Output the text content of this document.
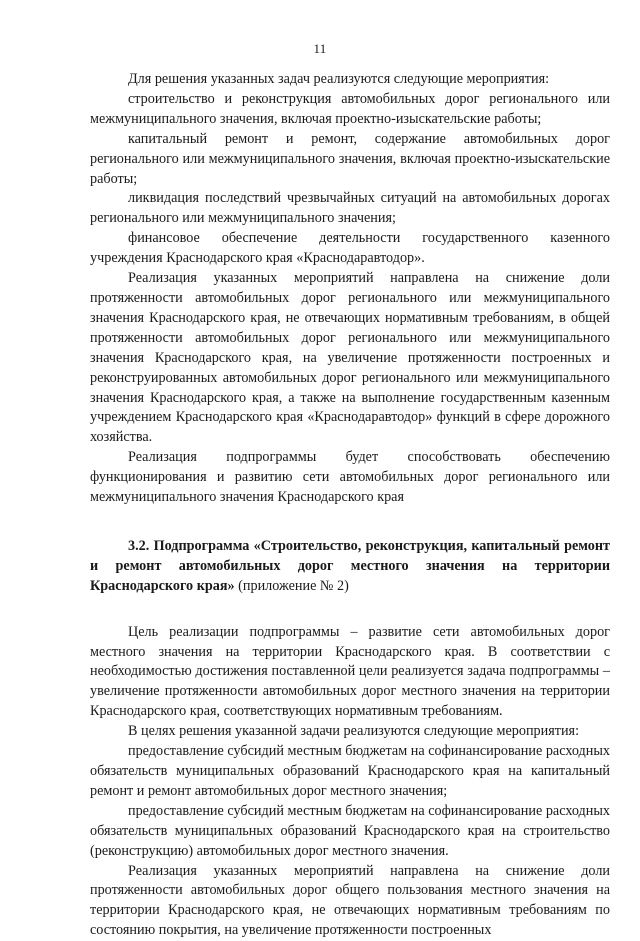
11

Для решения указанных задач реализуются следующие мероприятия:

строительство и реконструкция автомобильных дорог регионального или межмуниципального значения, включая проектно-изыскательские работы;

капитальный ремонт и ремонт, содержание автомобильных дорог регионального или межмуниципального значения, включая проектно-изыскательские работы;

ликвидация последствий чрезвычайных ситуаций на автомобильных дорогах регионального или межмуниципального значения;

финансовое обеспечение деятельности государственного казенного учреждения Краснодарского края «Краснодаравтодор».

Реализация указанных мероприятий направлена на снижение доли протяженности автомобильных дорог регионального или межмуниципального значения Краснодарского края, не отвечающих нормативным требованиям, в общей протяженности автомобильных дорог регионального или межмуниципального значения Краснодарского края, на увеличение протяженности построенных и реконструированных автомобильных дорог регионального или межмуниципального значения Краснодарского края, а также на выполнение государственным казенным учреждением Краснодарского края «Краснодаравтодор» функций в сфере дорожного хозяйства.

Реализация подпрограммы будет способствовать обеспечению функционирования и развитию сети автомобильных дорог регионального или межмуниципального значения Краснодарского края

3.2. Подпрограмма «Строительство, реконструкция, капитальный ремонт и ремонт автомобильных дорог местного значения на территории Краснодарского края» (приложение № 2)

Цель реализации подпрограммы – развитие сети автомобильных дорог местного значения на территории Краснодарского края. В соответствии с необходимостью достижения поставленной цели реализуется задача подпрограммы – увеличение протяженности автомобильных дорог местного значения на территории Краснодарского края, соответствующих нормативным требованиям.

В целях решения указанной задачи реализуются следующие мероприятия:

предоставление субсидий местным бюджетам на софинансирование расходных обязательств муниципальных образований Краснодарского края на капитальный ремонт и ремонт автомобильных дорог местного значения;

предоставление субсидий местным бюджетам на софинансирование расходных обязательств муниципальных образований Краснодарского края на строительство (реконструкцию) автомобильных дорог местного значения.

Реализация указанных мероприятий направлена на снижение доли протяженности автомобильных дорог общего пользования местного значения на территории Краснодарского края, не отвечающих нормативным требованиям по состоянию покрытия, на увеличение протяженности построенных
